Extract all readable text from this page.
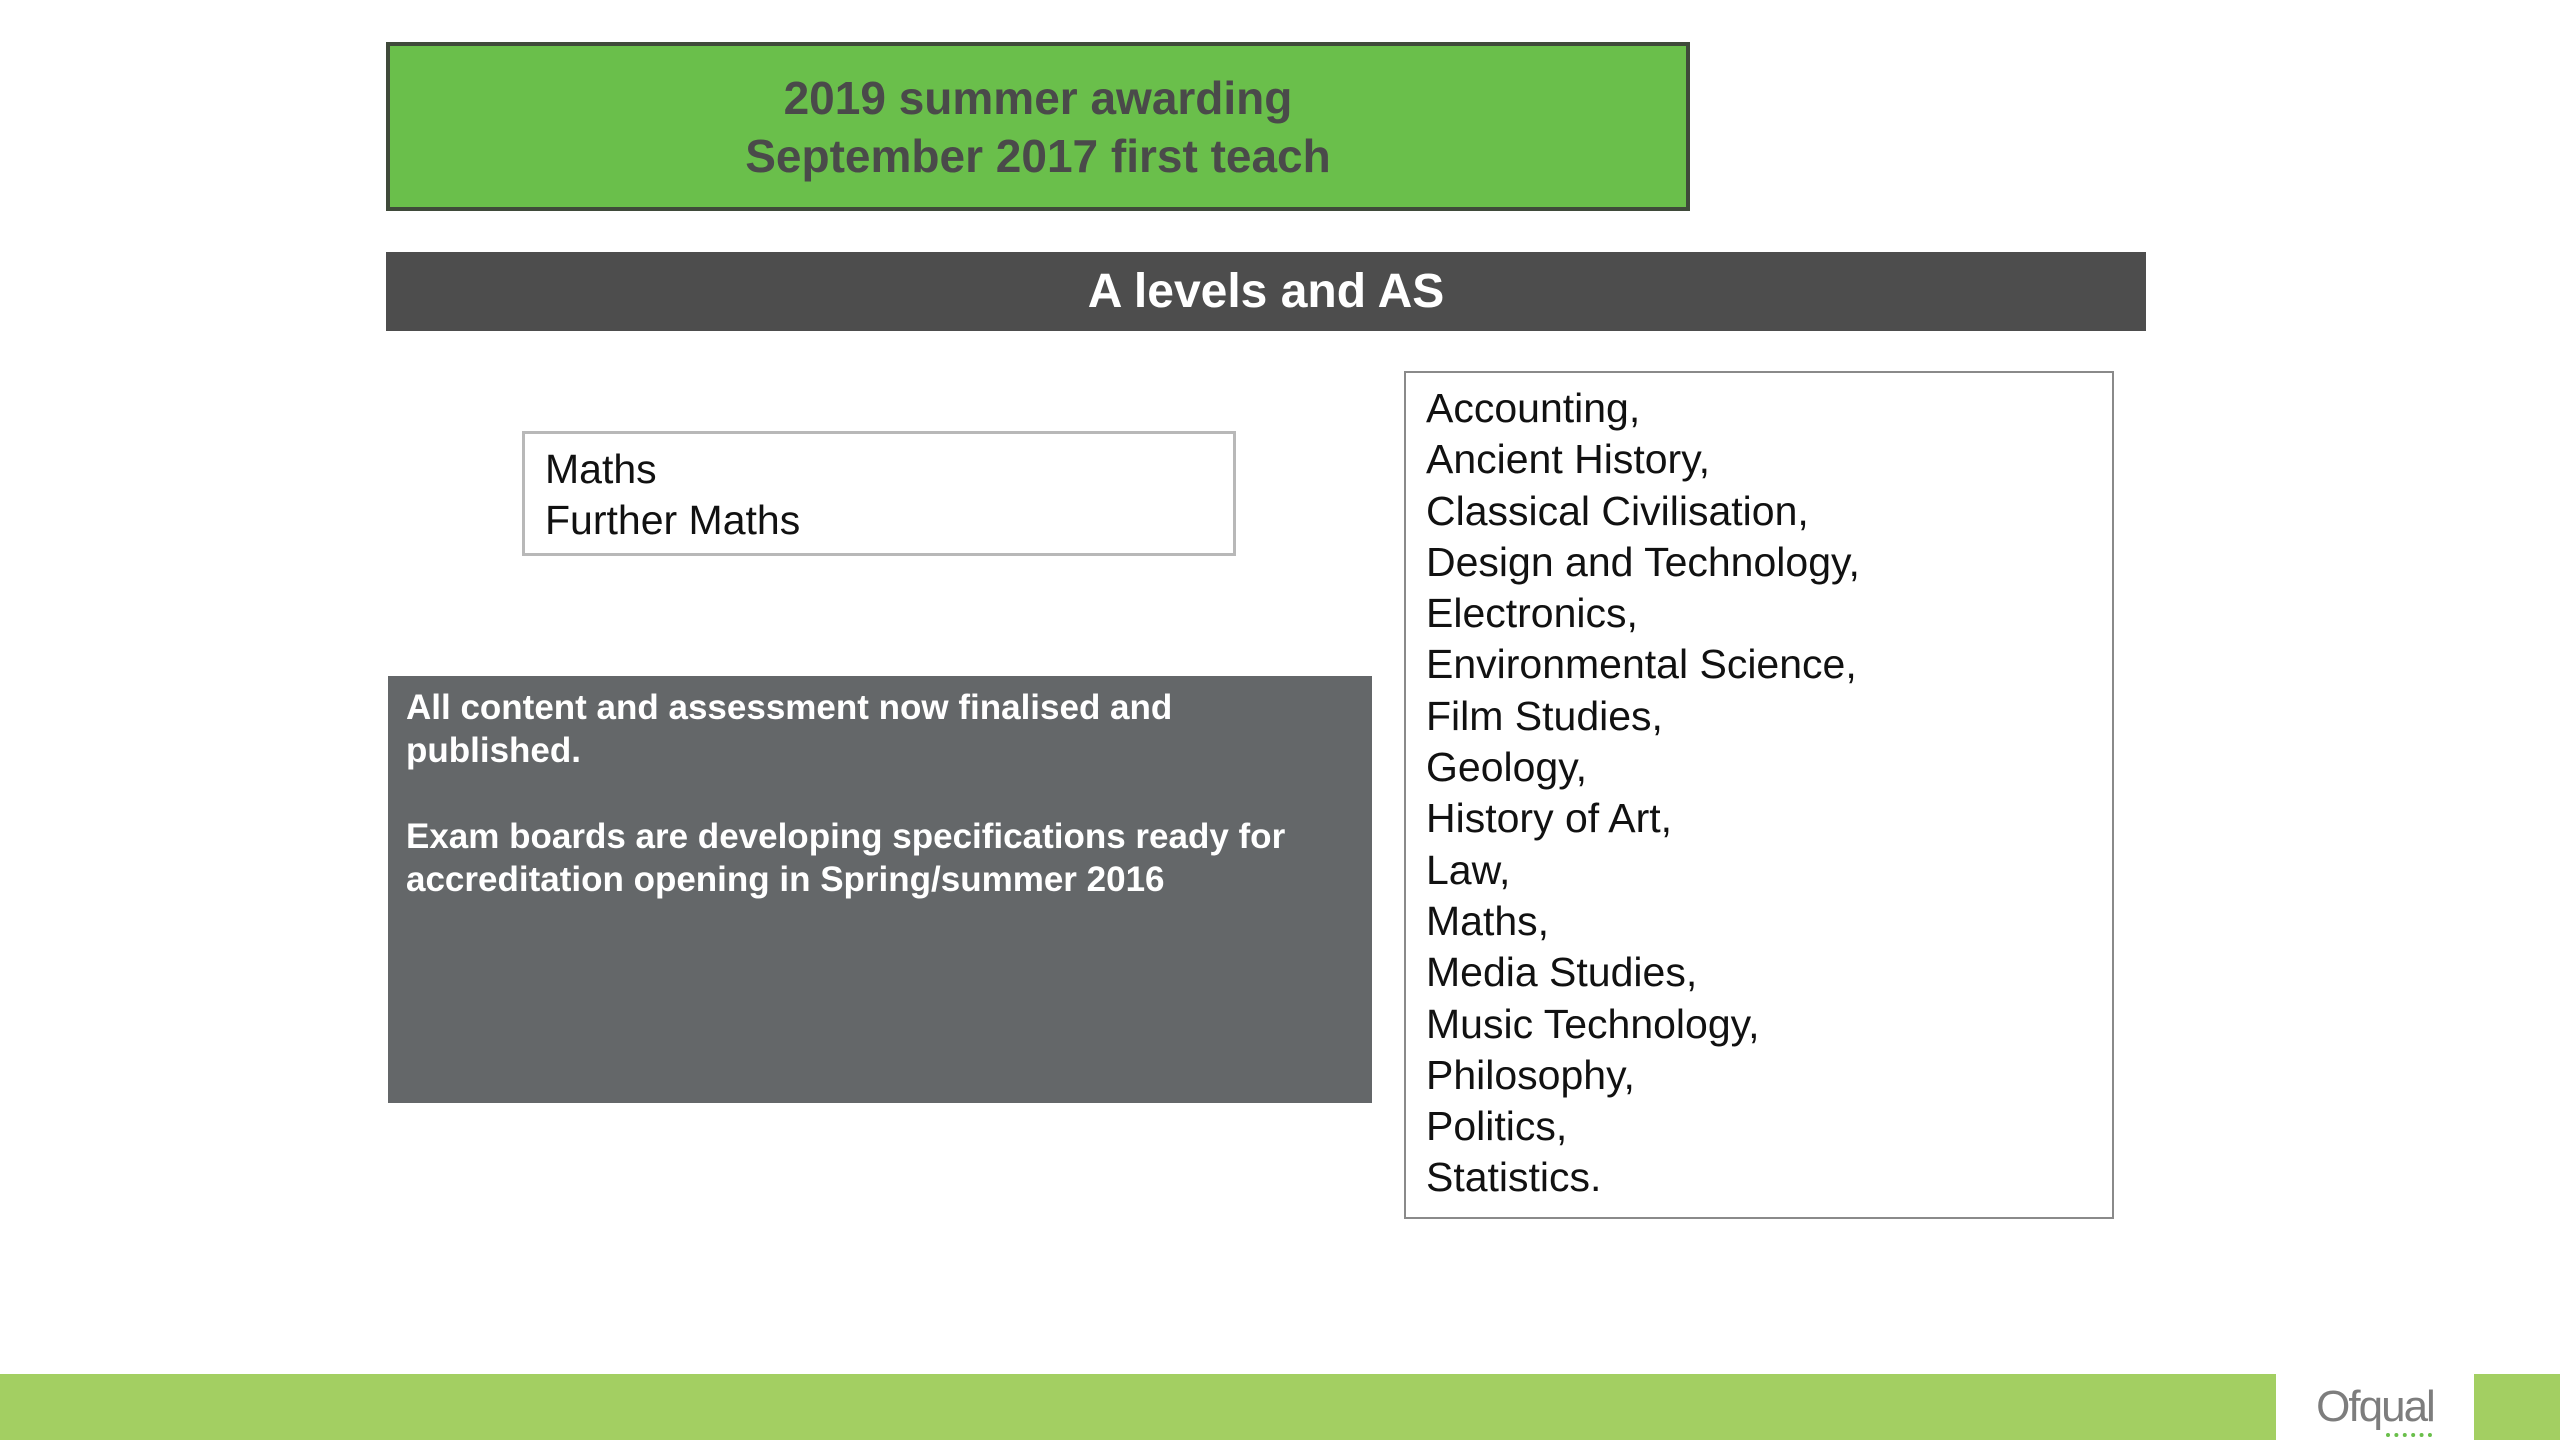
2019 summer awarding
September 2017 first teach
A levels and AS
Maths
Further Maths

All content and assessment now finalised and published.

Exam boards are developing specifications ready for accreditation opening in Spring/summer 2016

Accounting,
Ancient History,
Classical Civilisation,
Design and Technology,
Electronics,
Environmental Science,
Film Studies,
Geology,
History of Art,
Law,
Maths,
Media Studies,
Music Technology,
Philosophy,
Politics,
Statistics.
Ofqual
